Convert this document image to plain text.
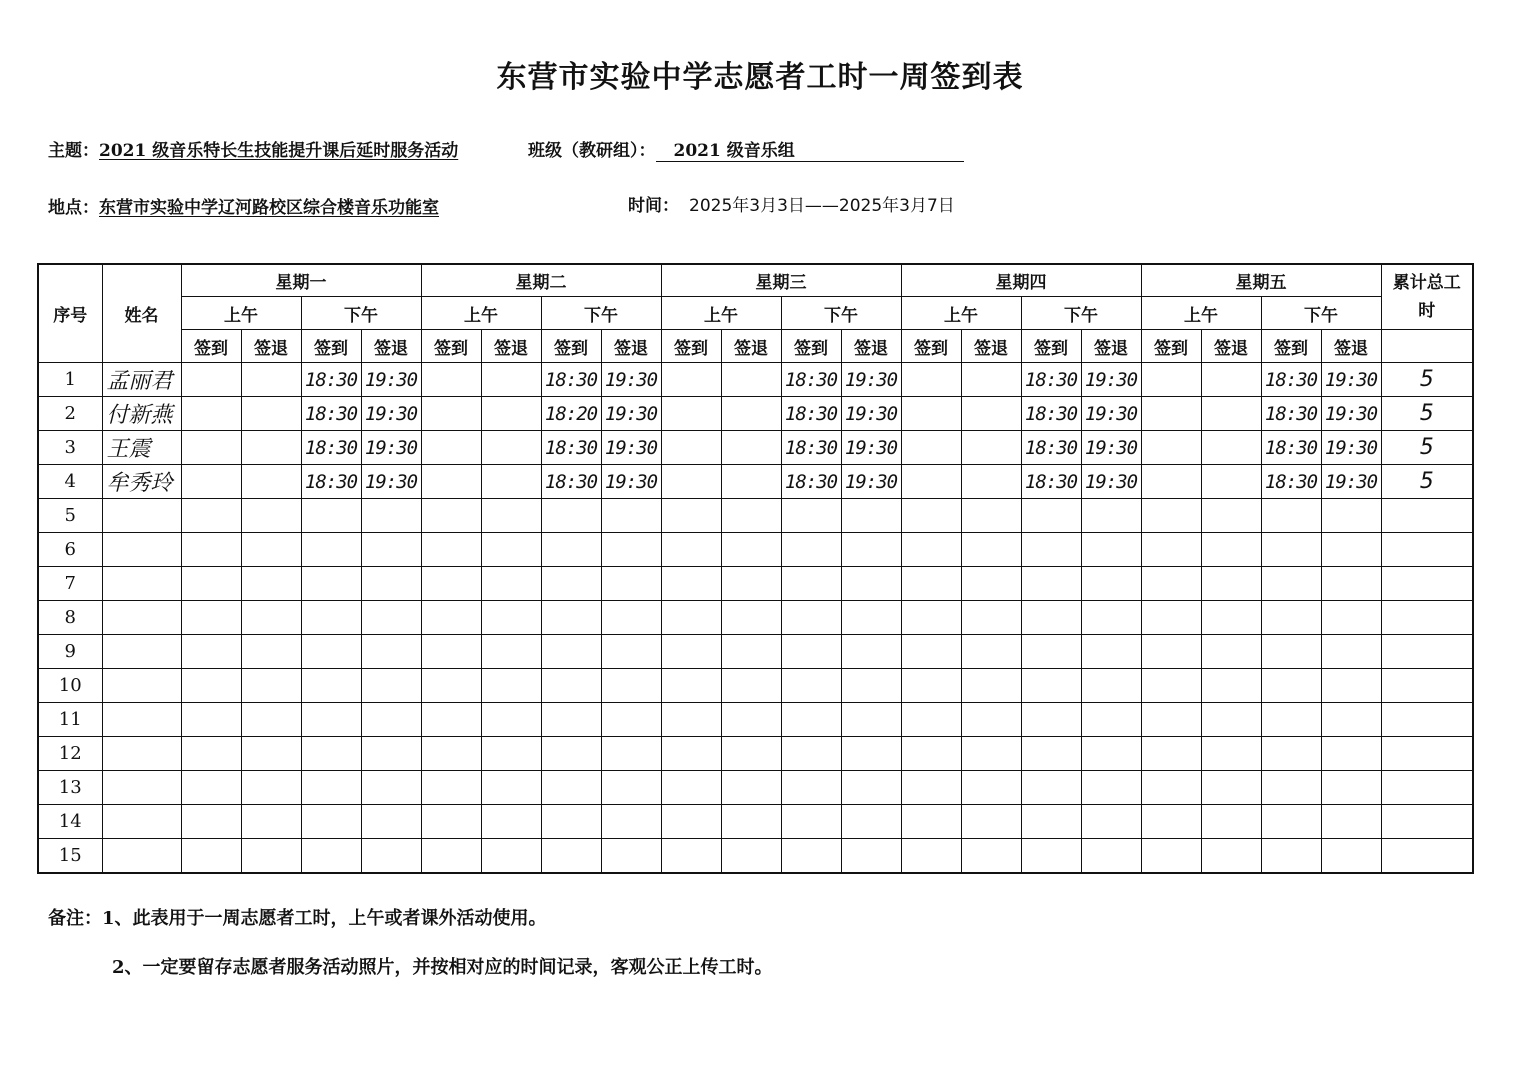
东营市实验中学志愿者工时一周签到表
主题：2021 级音乐特长生技能提升课后延时服务活动	班级（教研组）： 2021 级音乐组
地点：东营市实验中学辽河路校区综合楼音乐功能室	时间： 2025年3月3日——2025年3月7日
序号	姓名	星期一				星期二				星期三				星期四				星期五				累计总工时
		上午		下午		上午		下午		上午		下午		上午		下午		上午		下午		
		签到	签退	签到	签退	签到	签退	签到	签退	签到	签退	签到	签退	签到	签退	签到	签退	签到	签退	签到	签退	
1	孟丽君			18:30	19:30			18:30	19:30			18:30	19:30			18:30	19:30			18:30	19:30	5
2	付新燕			18:30	19:30			18:20	19:30			18:30	19:30			18:30	19:30			18:30	19:30	5
3	王震			18:30	19:30			18:30	19:30			18:30	19:30			18:30	19:30			18:30	19:30	5
4	牟秀玲			18:30	19:30			18:30	19:30			18:30	19:30			18:30	19:30			18:30	19:30	5
5																						
6																						
7																						
8																						
9																						
10																						
11																						
12																						
13																						
14																						
15																						
备注：1、此表用于一周志愿者工时，上午或者课外活动使用。
2、一定要留存志愿者服务活动照片，并按相对应的时间记录，客观公正上传工时。
